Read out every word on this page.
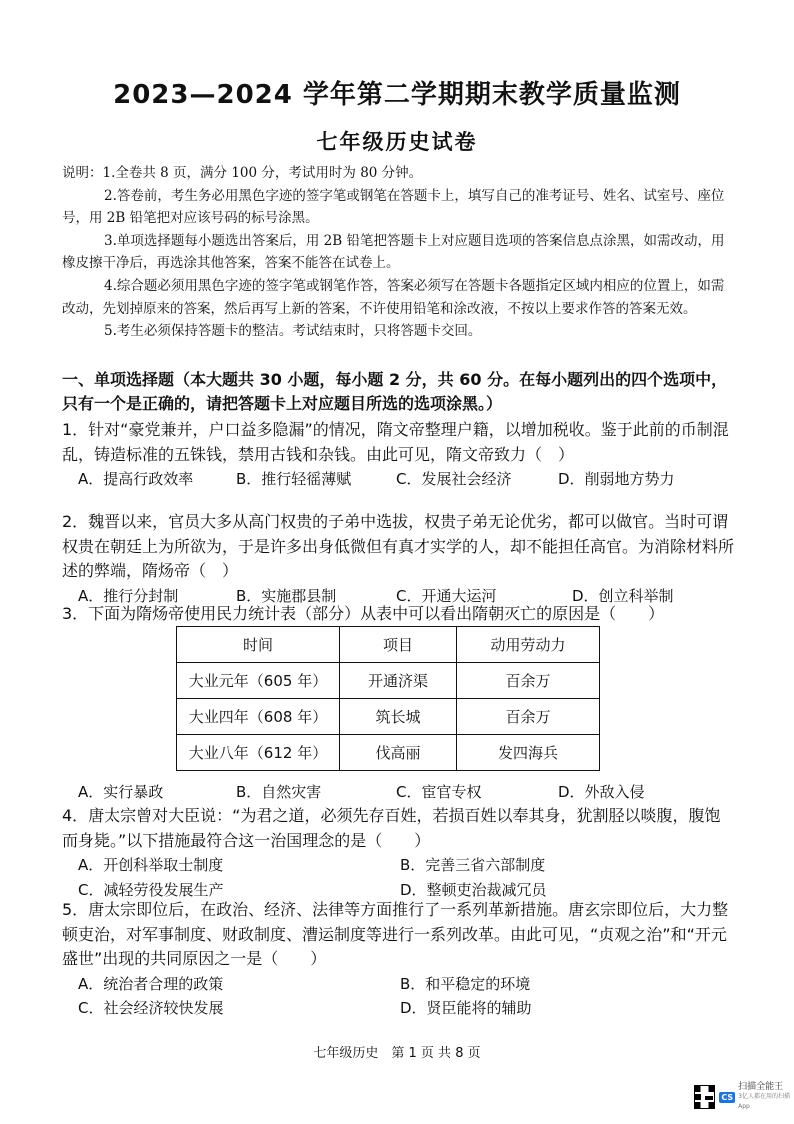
2023—2024 学年第二学期期末教学质量监测
七年级历史试卷

说明：1.全卷共 8 页，满分 100 分，考试用时为 80 分钟。

2.答卷前，考生务必用黑色字迹的签字笔或钢笔在答题卡上，填写自己的准考证号、姓名、试室号、座位号，用 2B 铅笔把对应该号码的标号涂黑。

3.单项选择题每小题选出答案后，用 2B 铅笔把答题卡上对应题目选项的答案信息点涂黑，如需改动，用橡皮擦干净后，再选涂其他答案，答案不能答在试卷上。

4.综合题必须用黑色字迹的签字笔或钢笔作答，答案必须写在答题卡各题指定区域内相应的位置上，如需改动，先划掉原来的答案，然后再写上新的答案，不许使用铅笔和涂改液，不按以上要求作答的答案无效。

5.考生必须保持答题卡的整洁。考试结束时，只将答题卡交回。

一、单项选择题（本大题共 30 小题，每小题 2 分，共 60 分。在每小题列出的四个选项中，只有一个是正确的，请把答题卡上对应题目所选的选项涂黑。）

1．针对“豪党兼并，户口益多隐漏”的情况，隋文帝整理户籍，以增加税收。鉴于此前的币制混乱，铸造标准的五铢钱，禁用古钱和杂钱。由此可见，隋文帝致力（　）

A．提高行政效率	B．推行轻徭薄赋	C．发展社会经济	D．削弱地方势力

2．魏晋以来，官员大多从高门权贵的子弟中选拔，权贵子弟无论优劣，都可以做官。当时可谓权贵在朝廷上为所欲为，于是许多出身低微但有真才实学的人，却不能担任高官。为消除材料所述的弊端，隋炀帝（　）

A．推行分封制	B．实施郡县制	C．开通大运河	D．创立科举制

3．下面为隋炀帝使用民力统计表（部分）从表中可以看出隋朝灭亡的原因是（　　）

时间	项目	动用劳动力
大业元年（605 年）	开通济渠	百余万
大业四年（608 年）	筑长城	百余万
大业八年（612 年）	伐高丽	发四海兵
A．实行暴政	B．自然灾害	C．宦官专权	D．外敌入侵

4．唐太宗曾对大臣说：“为君之道，必须先存百姓，若损百姓以奉其身，犹割胫以啖腹，腹饱而身毙。”以下措施最符合这一治国理念的是（　　）

A．开创科举取士制度	B．完善三省六部制度
C．减轻劳役发展生产	D．整顿吏治裁减冗员

5．唐太宗即位后，在政治、经济、法律等方面推行了一系列革新措施。唐玄宗即位后，大力整顿吏治，对军事制度、财政制度、漕运制度等进行一系列改革。由此可见，“贞观之治”和“开元盛世”出现的共同原因之一是（　　）

A．统治者合理的政策	B．和平稳定的环境
C．社会经济较快发展	D．贤臣能将的辅助
七年级历史　第 1 页 共 8 页
CS
扫描全能王
3亿人都在用的扫描App
